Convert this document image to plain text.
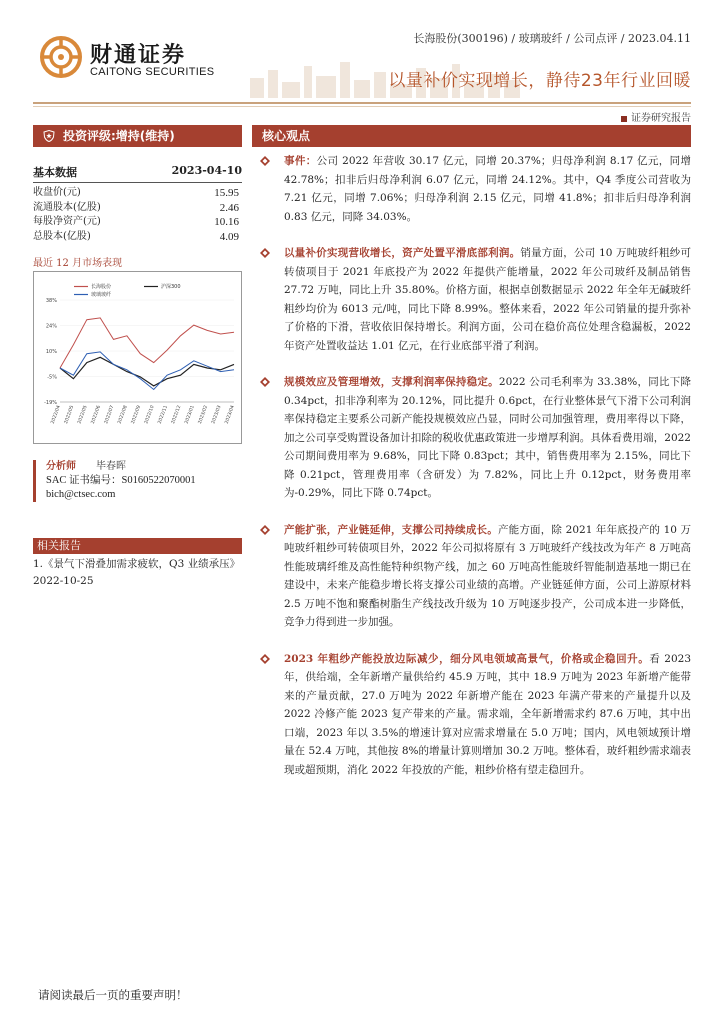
财通证券
CAITONG SECURITIES
长海股份(300196) / 玻璃玻纤 / 公司点评 / 2023.04.11
以量补价实现增长，静待23年行业回暖
证券研究报告
投资评级:增持(维持)
基本数据	2023-04-10
收盘价(元)	15.95
流通股本(亿股)	2.46
每股净资产(元)	10.16
总股本(亿股)	4.09
最近 12 月市场表现
38%
24%
10%
-5%
-19%
2022/04 2022/05 2022/05 2022/06 2022/07 2022/08 2022/09 2022/10 2022/11 2022/12 2023/01 2023/02 2023/03 2023/04
长海股份	沪深300
玻璃玻纤
分析师 毕春晖
SAC 证书编号：S0160522070001
bich@ctsec.com
相关报告
1.《景气下滑叠加需求疲软，Q3 业绩承压》 2022-10-25
核心观点
事件：公司 2022 年营收 30.17 亿元，同增 20.37%；归母净利润 8.17 亿元，同增 42.78%；扣非后归母净利润 6.07 亿元，同增 24.12%。其中，Q4 季度公司营收为 7.21 亿元，同增 7.06%；归母净利润 2.15 亿元，同增 41.8%；扣非后归母净利润 0.83 亿元，同降 34.03%。
以量补价实现营收增长，资产处置平滑底部利润。销量方面，公司 10 万吨玻纤粗纱可转债项目于 2021 年底投产为 2022 年提供产能增量，2022 年公司玻纤及制品销售 27.72 万吨，同比上升 35.80%。价格方面，根据卓创数据显示 2022 年全年无碱玻纤粗纱均价为 6013 元/吨，同比下降 8.99%。整体来看，2022 年公司销量的提升弥补了价格的下滑，营收依旧保持增长。利润方面，公司在稳价高位处理含稳漏板，2022 年资产处置收益达 1.01 亿元，在行业底部平滑了利润。
规模效应及管理增效，支撑利润率保持稳定。2022 公司毛利率为 33.38%，同比下降 0.34pct，扣非净利率为 20.12%，同比提升 0.6pct，在行业整体景气下滑下公司利润率保持稳定主要系公司新产能投规模效应凸显，同时公司加强管理，费用率得以下降，加之公司享受购置设备加计扣除的税收优惠政策进一步增厚利润。具体看费用端，2022 公司期间费用率为 9.68%，同比下降 0.83pct；其中，销售费用率为 2.15%，同比下降 0.21pct，管理费用率（含研发）为 7.82%，同比上升 0.12pct，财务费用率为-0.29%，同比下降 0.74pct。
产能扩张，产业链延伸，支撑公司持续成长。产能方面，除 2021 年年底投产的 10 万吨玻纤粗纱可转债项目外，2022 年公司拟将原有 3 万吨玻纤产线技改为年产 8 万吨高性能玻璃纤维及高性能特种织物产线，加之 60 万吨高性能玻纤智能制造基地一期已在建设中，未来产能稳步增长将支撑公司业绩的高增。产业链延伸方面，公司上游原材料 2.5 万吨不饱和聚酯树脂生产线技改升级为 10 万吨逐步投产，公司成本进一步降低，竞争力得到进一步加强。
2023 年粗纱产能投放边际减少，细分风电领域高景气，价格或企稳回升。看 2023 年，供给端，全年新增产量供给约 45.9 万吨，其中 18.9 万吨为 2023 年新增产能带来的产量贡献，27.0 万吨为 2022 年新增产能在 2023 年满产带来的产量提升以及 2022 冷修产能 2023 复产带来的产量。需求端，全年新增需求约 87.6 万吨，其中出口端，2023 年以 3.5%的增速计算对应需求增量在 5.0 万吨；国内，风电领域预计增量在 52.4 万吨，其他按 8%的增量计算则增加 30.2 万吨。整体看，玻纤粗纱需求端表现或超预期，消化 2022 年投放的产能，粗纱价格有望走稳回升。
请阅读最后一页的重要声明！
